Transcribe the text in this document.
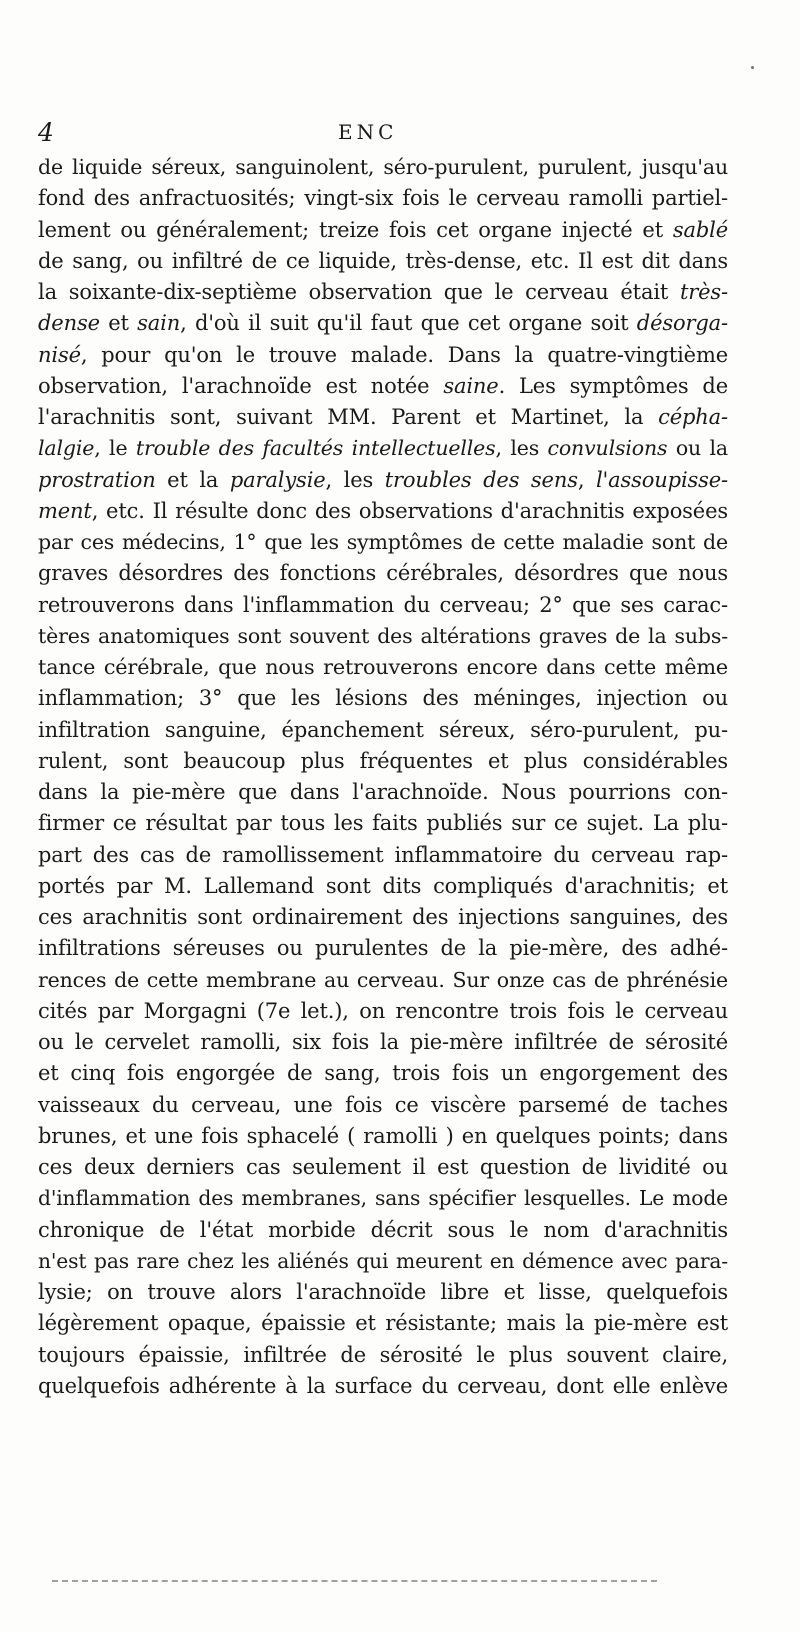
4	ENC
de liquide séreux, sanguinolent, séro-purulent, purulent, jusqu'au
fond des anfractuosités; vingt-six fois le cerveau ramolli partiel-
lement ou généralement; treize fois cet organe injecté et sablé
de sang, ou infiltré de ce liquide, très-dense, etc. Il est dit dans
la soixante-dix-septième observation que le cerveau était très-
dense et sain, d'où il suit qu'il faut que cet organe soit désorga-
nisé, pour qu'on le trouve malade. Dans la quatre-vingtième
observation, l'arachnoïde est notée saine. Les symptômes de
l'arachnitis sont, suivant MM. Parent et Martinet, la cépha-
lalgie, le trouble des facultés intellectuelles, les convulsions ou la
prostration et la paralysie, les troubles des sens, l'assoupisse-
ment, etc. Il résulte donc des observations d'arachnitis exposées
par ces médecins, 1° que les symptômes de cette maladie sont de
graves désordres des fonctions cérébrales, désordres que nous
retrouverons dans l'inflammation du cerveau; 2° que ses carac-
tères anatomiques sont souvent des altérations graves de la subs-
tance cérébrale, que nous retrouverons encore dans cette même
inflammation; 3° que les lésions des méninges, injection ou
infiltration sanguine, épanchement séreux, séro-purulent, pu-
rulent, sont beaucoup plus fréquentes et plus considérables
dans la pie-mère que dans l'arachnoïde. Nous pourrions con-
firmer ce résultat par tous les faits publiés sur ce sujet. La plu-
part des cas de ramollissement inflammatoire du cerveau rap-
portés par M. Lallemand sont dits compliqués d'arachnitis; et
ces arachnitis sont ordinairement des injections sanguines, des
infiltrations séreuses ou purulentes de la pie-mère, des adhé-
rences de cette membrane au cerveau. Sur onze cas de phrénésie
cités par Morgagni (7e let.), on rencontre trois fois le cerveau
ou le cervelet ramolli, six fois la pie-mère infiltrée de sérosité
et cinq fois engorgée de sang, trois fois un engorgement des
vaisseaux du cerveau, une fois ce viscère parsemé de taches
brunes, et une fois sphacelé ( ramolli ) en quelques points; dans
ces deux derniers cas seulement il est question de lividité ou
d'inflammation des membranes, sans spécifier lesquelles. Le mode
chronique de l'état morbide décrit sous le nom d'arachnitis
n'est pas rare chez les aliénés qui meurent en démence avec para-
lysie; on trouve alors l'arachnoïde libre et lisse, quelquefois
légèrement opaque, épaissie et résistante; mais la pie-mère est
toujours épaissie, infiltrée de sérosité le plus souvent claire,
quelquefois adhérente à la surface du cerveau, dont elle enlève
